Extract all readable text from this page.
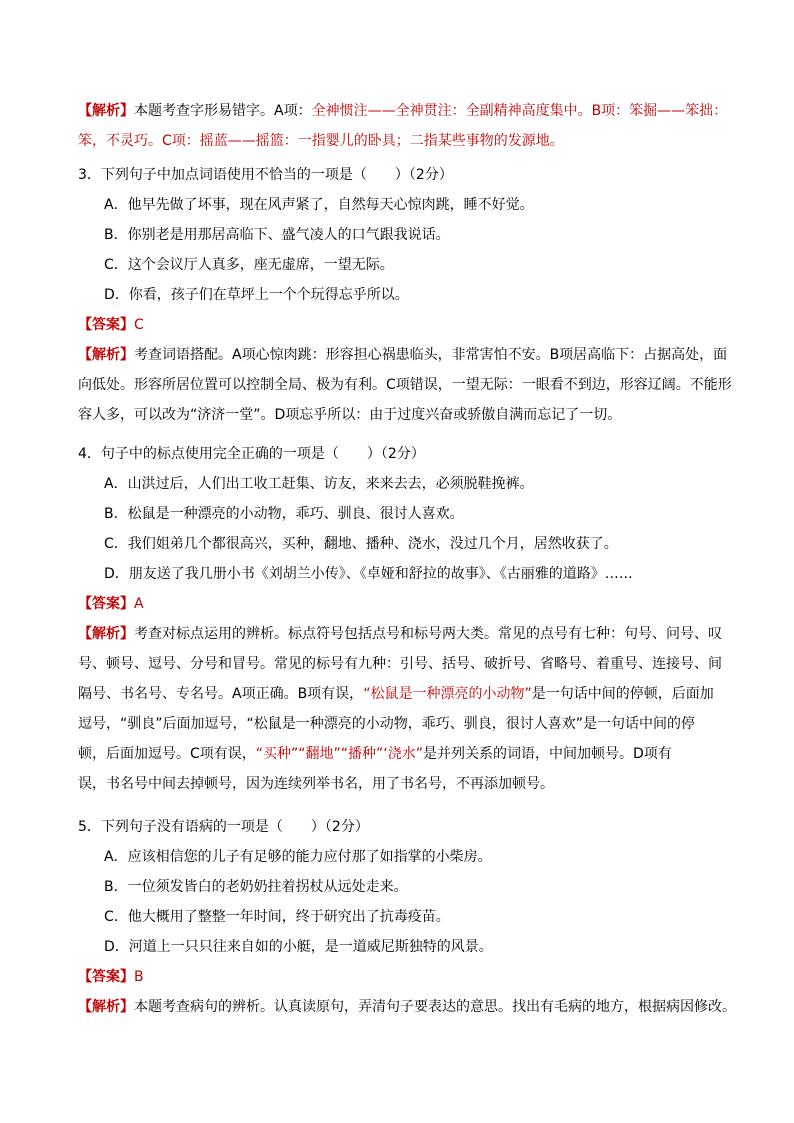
【解析】本题考查字形易错字。A项：全神惯注——全神贯注：全副精神高度集中。B项：笨掘——笨拙：
笨，不灵巧。C项：摇蓝——摇篮：一指婴儿的卧具；二指某些事物的发源地。
3．下列句子中加点词语使用不恰当的一项是（　　）（2分）
A．他早先做了坏事，现在风声紧了，自然每天心惊肉跳，睡不好觉。
B．你别老是用那居高临下、盛气凌人的口气跟我说话。
C．这个会议厅人真多，座无虚席，一望无际。
D．你看，孩子们在草坪上一个个玩得忘乎所以。
【答案】C
【解析】考查词语搭配。A项心惊肉跳：形容担心祸患临头，非常害怕不安。B项居高临下：占据高处，面
向低处。形容所居位置可以控制全局、极为有利。C项错误，一望无际：一眼看不到边，形容辽阔。不能形
容人多，可以改为“济济一堂”。D项忘乎所以：由于过度兴奋或骄傲自满而忘记了一切。
4．句子中的标点使用完全正确的一项是（　　）（2分）
A．山洪过后，人们出工收工赶集、访友，来来去去，必须脱鞋挽裤。
B．松鼠是一种漂亮的小动物，乖巧、驯良、很讨人喜欢。
C．我们姐弟几个都很高兴，买种，翻地、播种、浇水，没过几个月，居然收获了。
D．朋友送了我几册小书《刘胡兰小传》、《卓娅和舒拉的故事》、《古丽雅的道路》……
【答案】A
【解析】考查对标点运用的辨析。标点符号包括点号和标号两大类。常见的点号有七种：句号、问号、叹
号、顿号、逗号、分号和冒号。常见的标号有九种：引号、括号、破折号、省略号、着重号、连接号、间
隔号、书名号、专名号。A项正确。B项有误，“松鼠是一种漂亮的小动物”是一句话中间的停顿，后面加
逗号，“驯良”后面加逗号，“松鼠是一种漂亮的小动物，乖巧、驯良，很讨人喜欢”是一句话中间的停
顿，后面加逗号。C项有误，“买种”“翻地”“播种”‘浇水”是并列关系的词语，中间加顿号。D项有
误，书名号中间去掉顿号，因为连续列举书名，用了书名号，不再添加顿号。
5．下列句子没有语病的一项是（　　）（2分）
A．应该相信您的儿子有足够的能力应付那了如指掌的小柴房。
B．一位须发皆白的老奶奶拄着拐杖从远处走来。
C．他大概用了整整一年时间，终于研究出了抗毒疫苗。
D．河道上一只只往来自如的小艇，是一道威尼斯独特的风景。
【答案】B
【解析】本题考查病句的辨析。认真读原句，弄清句子要表达的意思。找出有毛病的地方，根据病因修改。
